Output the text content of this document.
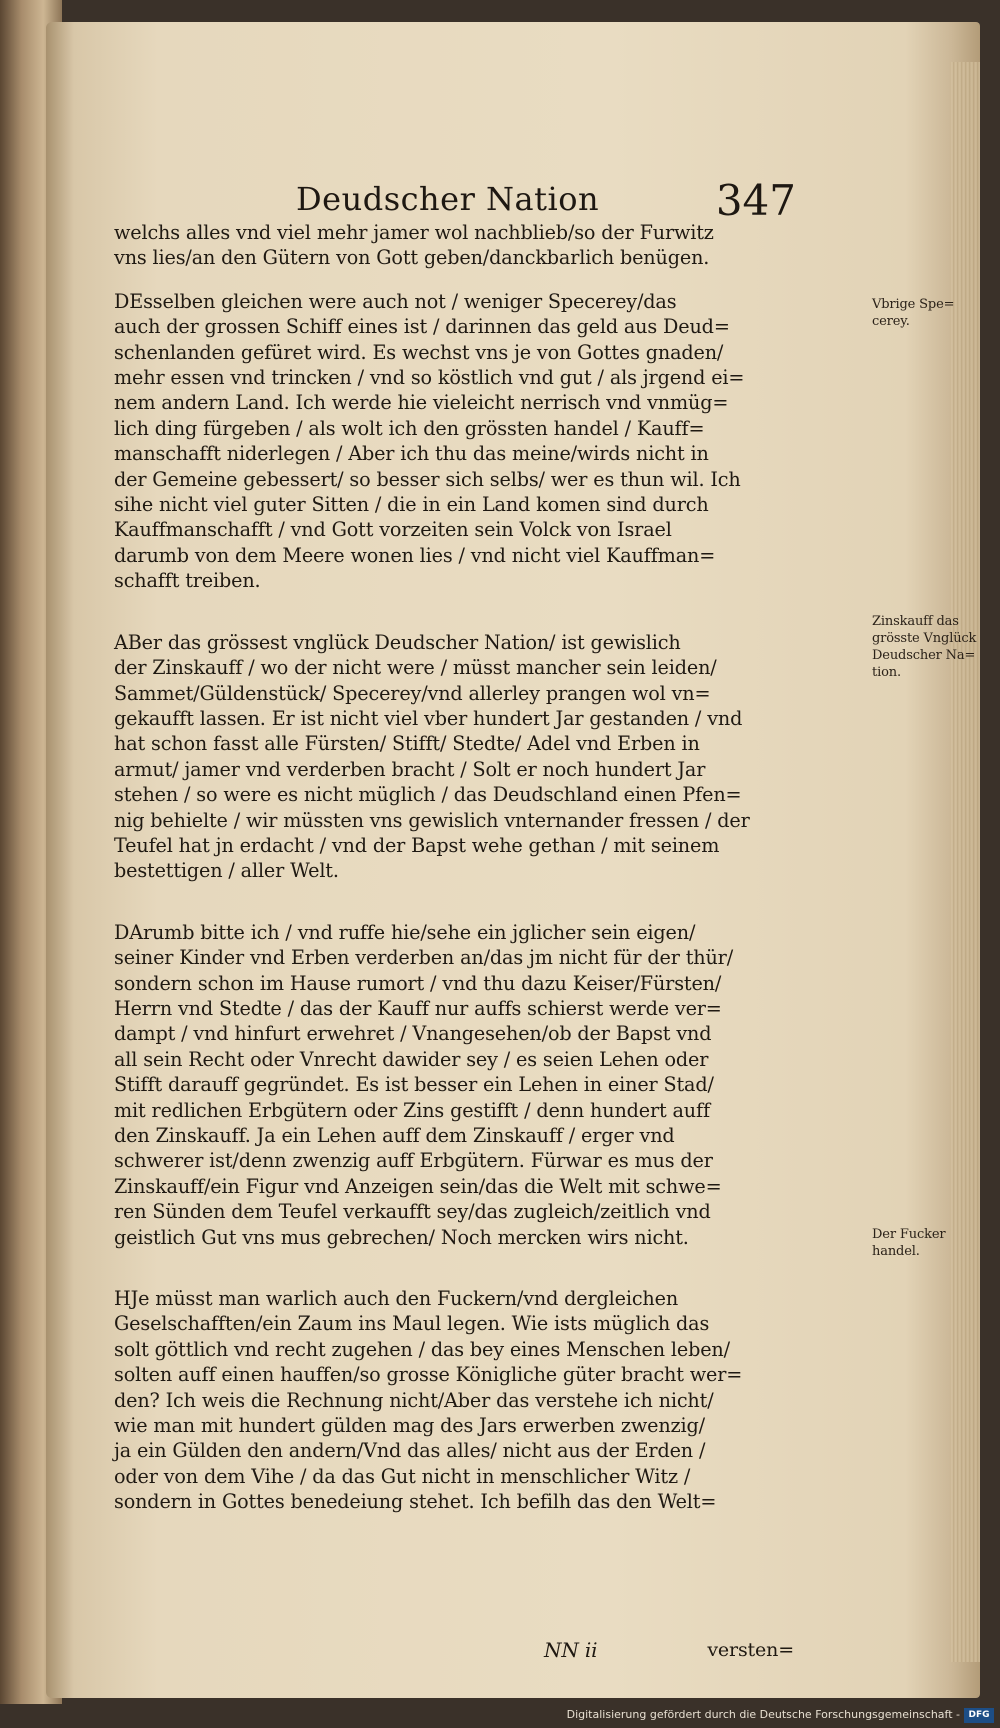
Deudscher Nation	347
welchs alles vnd viel mehr jamer wol nachblieb/so der Furwitz
vns lies/an den Gütern von Gott geben/danckbarlich benügen.
DEsselben gleichen were auch not / weniger Specerey/das
auch der grossen Schiff eines ist / darinnen das geld aus Deud=
schenlanden gefüret wird. Es wechst vns je von Gottes gnaden/
mehr essen vnd trincken / vnd so köstlich vnd gut / als jrgend ei=
nem andern Land. Ich werde hie vieleicht nerrisch vnd vnmüg=
lich ding fürgeben / als wolt ich den grössten handel / Kauff=
manschafft niderlegen / Aber ich thu das meine/wirds nicht in
der Gemeine gebessert/ so besser sich selbs/ wer es thun wil. Ich
sihe nicht viel guter Sitten / die in ein Land komen sind durch
Kauffmanschafft / vnd Gott vorzeiten sein Volck von Israel
darumb von dem Meere wonen lies / vnd nicht viel Kauffman=
schafft treiben.
ABer das grössest vnglück Deudscher Nation/ ist gewislich
der Zinskauff / wo der nicht were / müsst mancher sein leiden/
Sammet/Güldenstück/ Specerey/vnd allerley prangen wol vn=
gekaufft lassen. Er ist nicht viel vber hundert Jar gestanden / vnd
hat schon fasst alle Fürsten/ Stifft/ Stedte/ Adel vnd Erben in
armut/ jamer vnd verderben bracht / Solt er noch hundert Jar
stehen / so were es nicht müglich / das Deudschland einen Pfen=
nig behielte / wir müssten vns gewislich vnternander fressen / der
Teufel hat jn erdacht / vnd der Bapst wehe gethan / mit seinem
bestettigen / aller Welt.
DArumb bitte ich / vnd ruffe hie/sehe ein jglicher sein eigen/
seiner Kinder vnd Erben verderben an/das jm nicht für der thür/
sondern schon im Hause rumort / vnd thu dazu Keiser/Fürsten/
Herrn vnd Stedte / das der Kauff nur auffs schierst werde ver=
dampt / vnd hinfurt erwehret / Vnangesehen/ob der Bapst vnd
all sein Recht oder Vnrecht dawider sey / es seien Lehen oder
Stifft darauff gegründet. Es ist besser ein Lehen in einer Stad/
mit redlichen Erbgütern oder Zins gestifft / denn hundert auff
den Zinskauff. Ja ein Lehen auff dem Zinskauff / erger vnd
schwerer ist/denn zwenzig auff Erbgütern. Fürwar es mus der
Zinskauff/ein Figur vnd Anzeigen sein/das die Welt mit schwe=
ren Sünden dem Teufel verkaufft sey/das zugleich/zeitlich vnd
geistlich Gut vns mus gebrechen/ Noch mercken wirs nicht.
HJe müsst man warlich auch den Fuckern/vnd dergleichen
Geselschafften/ein Zaum ins Maul legen. Wie ists müglich das
solt göttlich vnd recht zugehen / das bey eines Menschen leben/
solten auff einen hauffen/so grosse Königliche güter bracht wer=
den? Ich weis die Rechnung nicht/Aber das verstehe ich nicht/
wie man mit hundert gülden mag des Jars erwerben zwenzig/
ja ein Gülden den andern/Vnd das alles/ nicht aus der Erden /
oder von dem Vihe / da das Gut nicht in menschlicher Witz /
sondern in Gottes benedeiung stehet. Ich befilh das den Welt=
NN ii	versten=
Vbrige Spe= cerey.
Zinskauff das grösste Vnglück Deudscher Na= tion.
Der Fucker handel.
Digitalisierung gefördert durch die Deutsche Forschungsgemeinschaft - DFG
